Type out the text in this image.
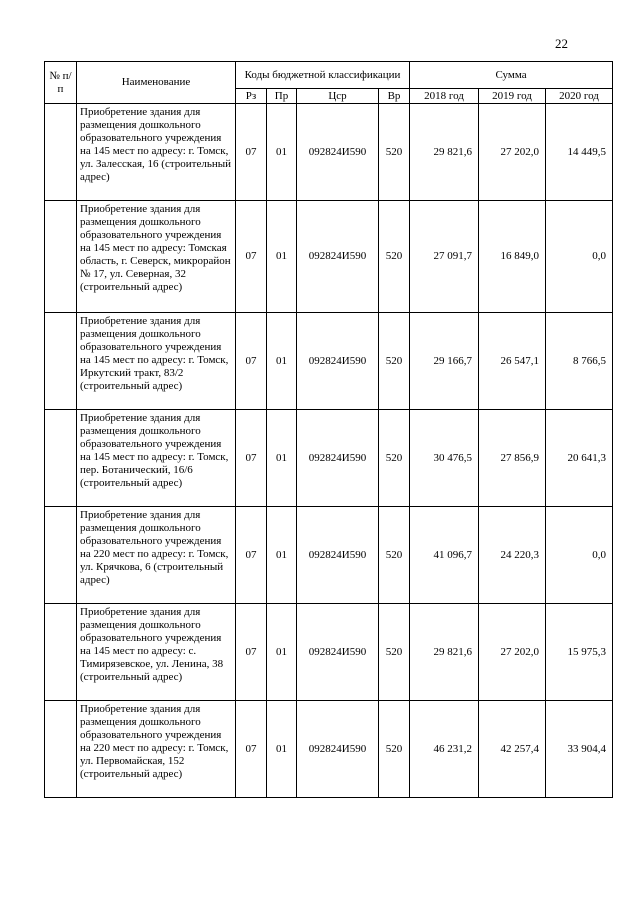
22
№ п/п	Наименование	Коды бюджетной классификации				Сумма		
		Рз	Пр	Цср	Вр	2018 год	2019 год	2020 год
	Приобретение здания для размещения дошкольного образовательного учреждения на 145 мест по адресу: г. Томск, ул. Залесская, 16 (строительный адрес)	07	01	092824И590	520	29 821,6	27 202,0	14 449,5
	Приобретение здания для размещения дошкольного образовательного учреждения на 145 мест по адресу: Томская область, г. Северск, микрорайон № 17, ул. Северная, 32 (строительный адрес)	07	01	092824И590	520	27 091,7	16 849,0	0,0
	Приобретение здания для размещения дошкольного образовательного учреждения на 145 мест по адресу: г. Томск, Иркутский тракт, 83/2 (строительный адрес)	07	01	092824И590	520	29 166,7	26 547,1	8 766,5
	Приобретение здания для размещения дошкольного образовательного учреждения на 145 мест по адресу: г. Томск, пер. Ботанический, 16/6 (строительный адрес)	07	01	092824И590	520	30 476,5	27 856,9	20 641,3
	Приобретение здания для размещения дошкольного образовательного учреждения на 220 мест по адресу: г. Томск, ул. Крячкова, 6 (строительный адрес)	07	01	092824И590	520	41 096,7	24 220,3	0,0
	Приобретение здания для размещения дошкольного образовательного учреждения на 145 мест по адресу: с. Тимирязевское, ул. Ленина, 38 (строительный адрес)	07	01	092824И590	520	29 821,6	27 202,0	15 975,3
	Приобретение здания для размещения дошкольного образовательного учреждения на 220 мест по адресу: г. Томск, ул. Первомайская, 152 (строительный адрес)	07	01	092824И590	520	46 231,2	42 257,4	33 904,4
